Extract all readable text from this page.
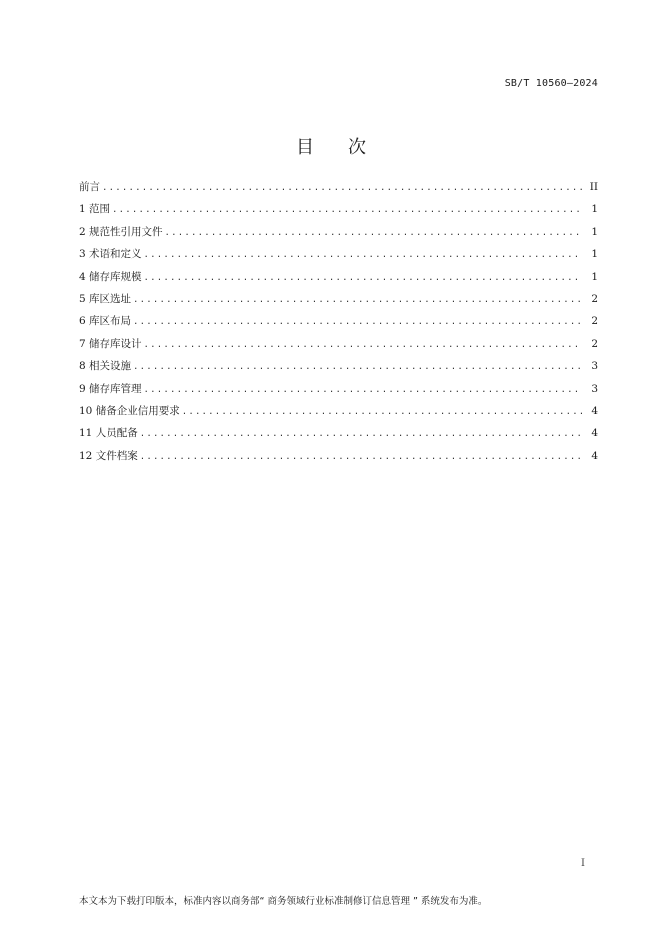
SB/T 10560—2024
目次
前言 .....	II
1 范围 .....	1
2 规范性引用文件 .....	1
3 术语和定义 .....	1
4 储存库规模 .....	1
5 库区选址 .....	2
6 库区布局 .....	2
7 储存库设计 .....	2
8 相关设施 .....	3
9 储存库管理 .....	3
10 储备企业信用要求 .....	4
11 人员配备 .....	4
12 文件档案 .....	4
I
本文本为下载打印版本，标准内容以商务部“ 商务领域行业标准制修订信息管理 ” 系统发布为准。
